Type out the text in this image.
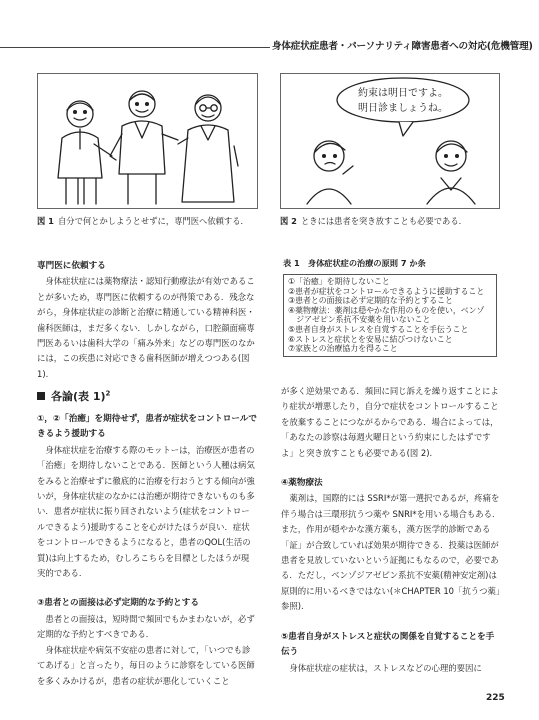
身体症状症患者・パーソナリティ障害患者への対応(危機管理)
約束は明日ですよ。
明日診ましょうね。
図 1 自分で何とかしようとせずに，専門医へ依頼する．	図 2 ときには患者を突き放すことも必要である．

専門医に依頼する

身体症状症には薬物療法・認知行動療法が有効であることが多いため，専門医に依頼するのが得策である．残念ながら，身体症状症の診断と治療に精通している精神科医・歯科医師は，まだ多くない．しかしながら，口腔顔面痛専門医あるいは歯科大学の「痛み外来」などの専門医のなかには，この疾患に対応できる歯科医師が増えつつある(図 1).

表 1　身体症状症の治療の原則 7 か条
①「治癒」を期待しないこと
②患者が症状をコントロールできるように援助すること
③患者との面接は必ず定期的な予約とすること
④薬物療法：薬剤は穏やかな作用のものを使い，ベンゾ
ジアゼピン系抗不安薬を用いないこと
⑤患者自身がストレスを自覚することを手伝うこと
⑥ストレスと症状とを安易に結びつけないこと
⑦家族との治療協力を得ること
各論(表 1)$^2$

①，②「治癒」を期待せず，患者が症状をコントロールできるよう援助する

身体症状症を治療する際のモットーは，治療医が患者の「治癒」を期待しないことである．医師という人種は病気をみると治療せずに徹底的に治療を行おうとする傾向が強いが，身体症状症のなかには治癒が期待できないものも多い．患者が症状に振り回されないよう(症状をコントロールできるよう)援助することを心がけたほうが良い．症状をコントロールできるようになると，患者のQOL(生活の質)は向上するため，むしろこちらを目標としたほうが現実的である．

③患者との面接は必ず定期的な予約とする

患者との面接は，短時間で頻回でもかまわないが，必ず定期的な予約とすべきである．

身体症状症や病気不安症の患者に対して，「いつでも診てあげる」と言ったり，毎日のように診察をしている医師を多くみかけるが，患者の症状が悪化していくこと

が多く逆効果である．頻回に同じ訴えを繰り返すことにより症状が増悪したり，自分で症状をコントロールすることを放棄することにつながるからである．場合によっては，「あなたの診察は毎週火曜日という約束にしたはずですよ」と突き放すことも必要である(図 2).

④薬物療法

薬剤は，国際的には SSRI*が第一選択であるが，疼痛を伴う場合は三環形抗うつ薬や SNRI*を用いる場合もある．また，作用が穏やかな漢方薬も，漢方医学的診断である「証」が合致していれば効果が期待できる．投薬は医師が患者を見放していないという証拠にもなるので，必要である．ただし，ベンゾジアゼピン系抗不安薬(精神安定剤)は原則的に用いるべきではない(＊CHAPTER 10「抗うつ薬」参照).

⑤患者自身がストレスと症状の関係を自覚することを手伝う

身体症状症の症状は，ストレスなどの心理的要因に

225
